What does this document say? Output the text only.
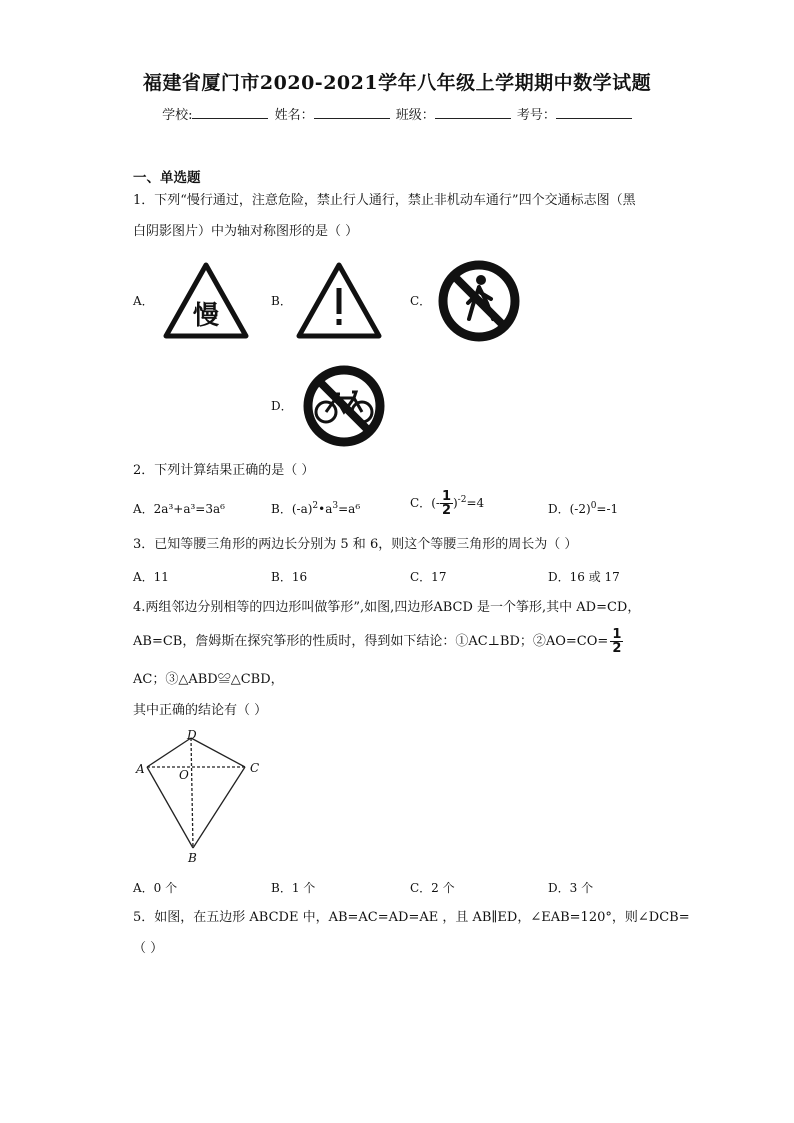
福建省厦门市2020-2021学年八年级上学期期中数学试题
学校:	姓名：	班级：	考号：
一、单选题
1．下列“慢行通过，注意危险，禁止行人通行，禁止非机动车通行”四个交通标志图（黑
白阴影图片）中为轴对称图形的是（ ）
A． 慢	B．	C．
D．
2．下列计算结果正确的是（ ）
A．2a³+a³=3a⁶	B．$(-a)^2•a^3=a^6$	C．(- $\frac{1}{2} )^{-2}=4$	D．$(-2)^0=-1$
3．已知等腰三角形的两边长分别为 5 和 6，则这个等腰三角形的周长为（ ）
A．11	B．16	C．17	D．16 或 17
4.两组邻边分别相等的四边形叫做筝形”,如图,四边形ABCD 是一个筝形,其中 AD=CD，
AB=CB，詹姆斯在探究筝形的性质时，得到如下结论：①AC⊥BD；②AO=CO= $\frac{1}{2}$
AC；③△ABD≌△CBD，
其中正确的结论有（ ）
A
D
C
B
O
A．0 个	B．1 个	C．2 个	D．3 个
5．如图，在五边形 ABCDE 中，AB=AC=AD=AE ，且 AB∥ED，∠EAB=120°，则∠DCB=
（ ）
